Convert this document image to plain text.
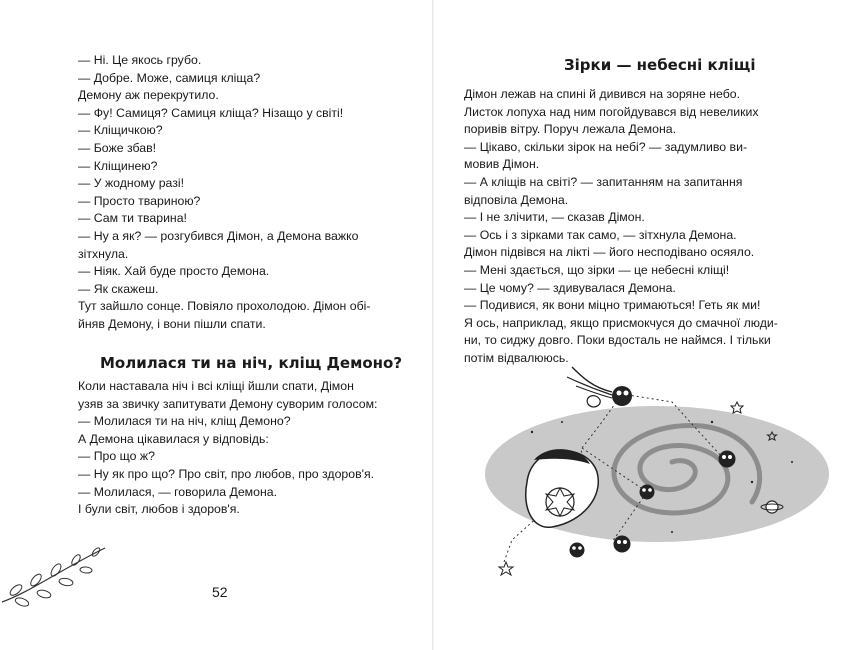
— Ні. Це якось грубо.

— Добре. Може, самиця кліща?

Демону аж перекрутило.

— Фу! Самиця? Самиця кліща? Нізащо у світі!

— Кліщичкою?

— Боже збав!

— Кліщинею?

— У жодному разі!

— Просто твариною?

— Сам ти тварина!

— Ну а як? — розгубився Дімон, а Демона важко

зітхнула.

— Ніяк. Хай буде просто Демона.

— Як скажеш.

Тут зайшло сонце. Повіяло прохолодою. Дімон обі-

йняв Демону, і вони пішли спати.

Молилася ти на ніч, кліщ Демоно?

Коли наставала ніч і всі кліщі йшли спати, Дімон

узяв за звичку запитувати Демону суворим голосом:

— Молилася ти на ніч, кліщ Демоно?

А Демона цікавилася у відповідь:

— Про що ж?

— Ну як про що? Про світ, про любов, про здоров'я.

— Молилася, — говорила Демона.

І були світ, любов і здоров'я.

52
Зірки — небесні кліщі

Дімон лежав на спині й дивився на зоряне небо.

Листок лопуха над ним погойдувався від невеликих

поривів вітру. Поруч лежала Демона.

— Цікаво, скільки зірок на небі? — задумливо ви-

мовив Дімон.

— А кліщів на світі? — запитанням на запитання

відповіла Демона.

— І не злічити, — сказав Дімон.

— Ось і з зірками так само, — зітхнула Демона.

Дімон підвівся на лікті — його несподівано осяяло.

— Мені здається, що зірки — це небесні кліщі!

— Це чому? — здивувалася Демона.

— Подивися, як вони міцно тримаються! Геть як ми!

Я ось, наприклад, якщо присмокчуся до смачної люди-

ни, то сиджу довго. Поки вдосталь не наймся. І тільки

потім відвалююсь.
